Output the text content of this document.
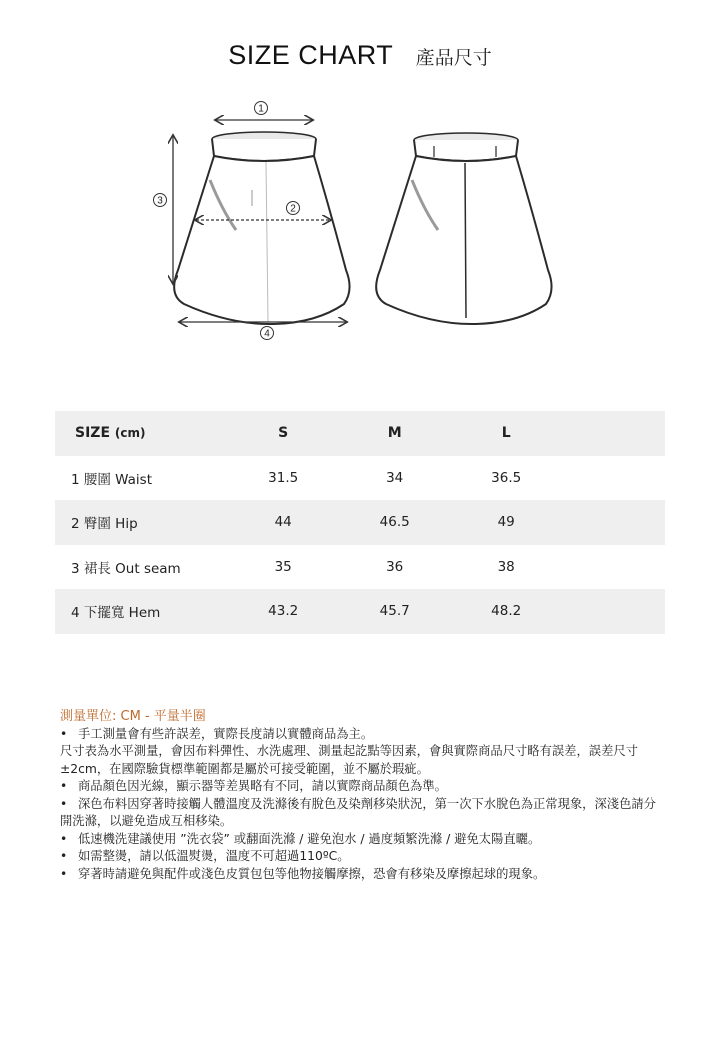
SIZE CHART 產品尺寸
1
2
3
4
SIZE (cm)	S	M	L	
1 腰圍 Waist	31.5	34	36.5	
2 臀圍 Hip	44	46.5	49	
3 裙長 Out seam	35	36	38	
4 下擺寬 Hem	43.2	45.7	48.2	
測量單位: CM - 平量半圈
• 手工測量會有些許誤差，實際長度請以實體商品為主。
尺寸表為水平測量，會因布料彈性、水洗處理、測量起訖點等因素，會與實際商品尺寸略有誤差，誤差尺寸±2cm，在國際驗貨標準範圍都是屬於可接受範圍，並不屬於瑕疵。
• 商品顏色因光線，顯示器等差異略有不同，請以實際商品顏色為準。
• 深色布料因穿著時接觸人體溫度及洗滌後有脫色及染劑移染狀況，第一次下水脫色為正常現象，深淺色請分開洗滌，以避免造成互相移染。
• 低速機洗建議使用 ”洗衣袋” 或翻面洗滌 / 避免泡水 / 過度頻繁洗滌 / 避免太陽直曬。
• 如需整燙，請以低溫熨燙，溫度不可超過110ºC。
• 穿著時請避免與配件或淺色皮質包包等他物接觸摩擦，恐會有移染及摩擦起球的現象。
